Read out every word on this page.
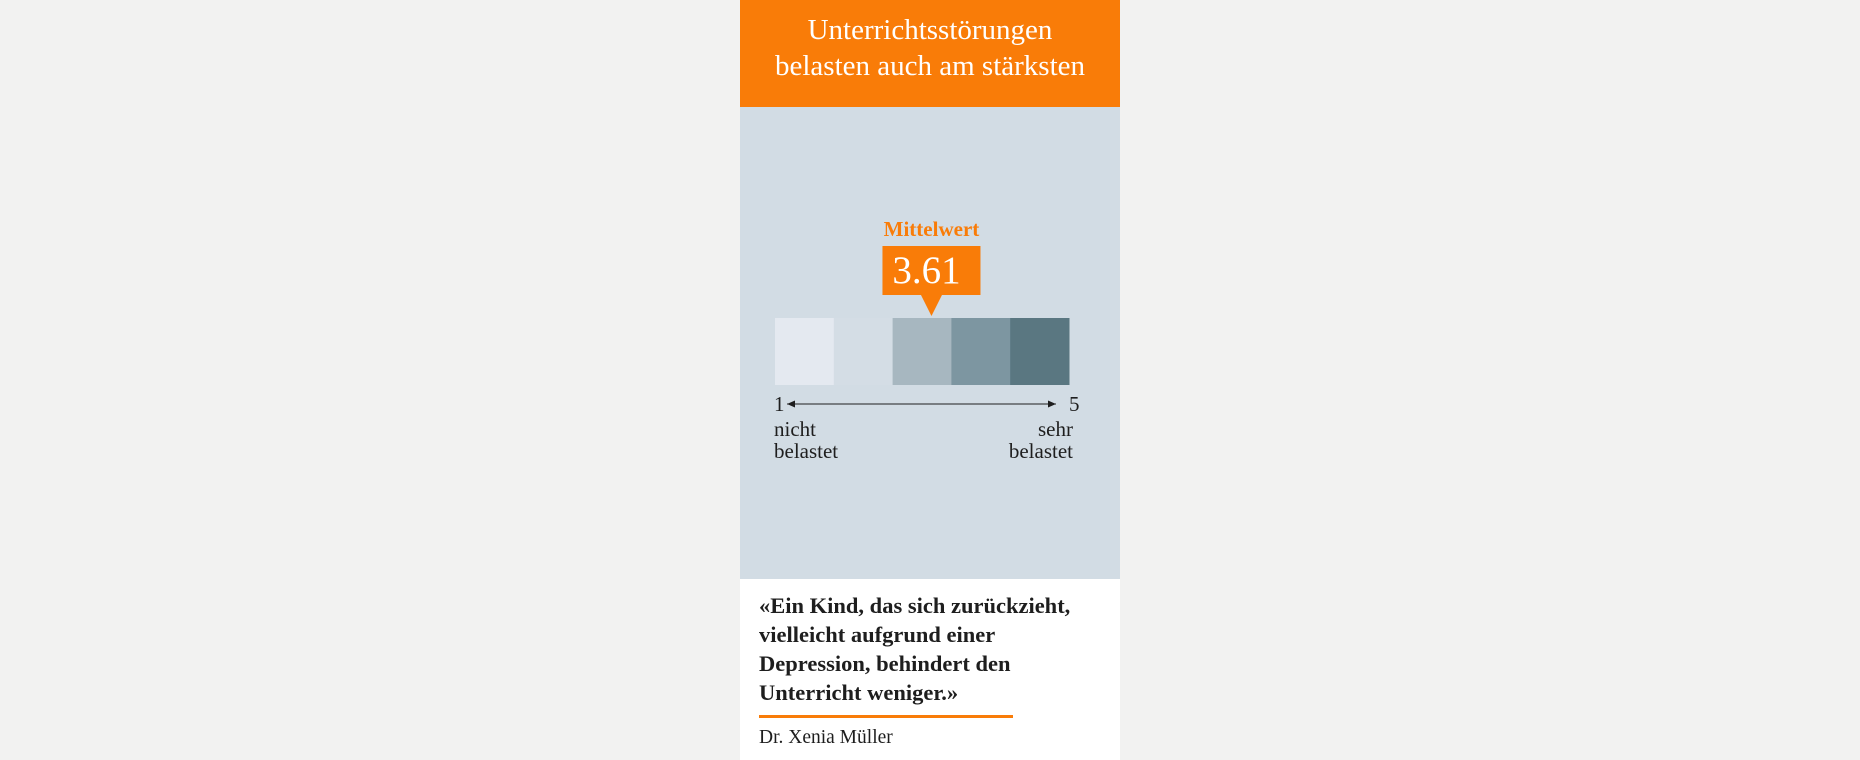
Unterrichtsstörungen
belasten auch am stärksten
Mittelwert
3.61
1	5
nicht
belastet
sehr
belastet
«Ein Kind, das sich zurückzieht,
vielleicht aufgrund einer
Depression, behindert den
Unterricht weniger.»
Dr. Xenia Müller
